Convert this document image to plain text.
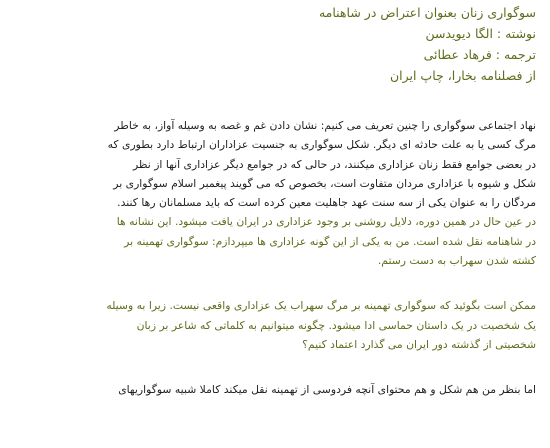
سوگواری زنان بعنوان اعتراض در شاهنامه
نوشته : الگا دیویدسن
ترجمه : فرهاد عطائی
از فصلنامه بخارا، چاپ ایران
نهاد اجتماعی سوگواری را چنین تعریف می کنیم: نشان دادن غم و غصه به وسیله آواز، به خاطر
مرگ کسی یا به علت حادثه ای دیگر. شکل سوگواری به جنسیت عزاداران ارتباط دارد بطوری که
در بعضی جوامع فقط زنان عزاداری میکنند، در حالی که در جوامع دیگر عزاداری آنها از نظر
شکل و شیوه با عزاداری مردان متفاوت است، بخصوص که می گویند پیغمبر اسلام سوگواری بر
مردگان را به عنوان یکی از سه سنت عهد جاهلیت معین کرده است که باید مسلمانان رها کنند.
در عین حال در همین دوره، دلایل روشنی بر وجود عزاداری در ایران یافت میشود. این نشانه ها
در شاهنامه نقل شده است. من به یکی از این گونه عزاداری ها میپردازم: سوگواری تهمینه بر
کشته شدن سهراب به دست رستم.
ممکن است بگوئید که سوگواری تهمینه بر مرگ سهراب یک عزاداری واقعی نیست. زیرا به وسیله
یک شخصیت در یک داستان حماسی ادا میشود. چگونه میتوانیم به کلماتی که شاعر بر زبان
شخصیتی از گذشته دور ایران می گذارد اعتماد کنیم؟
اما بنظر من هم شکل و هم محتوای آنچه فردوسی از تهمینه نقل میکند کاملا شبیه سوگواریهای
